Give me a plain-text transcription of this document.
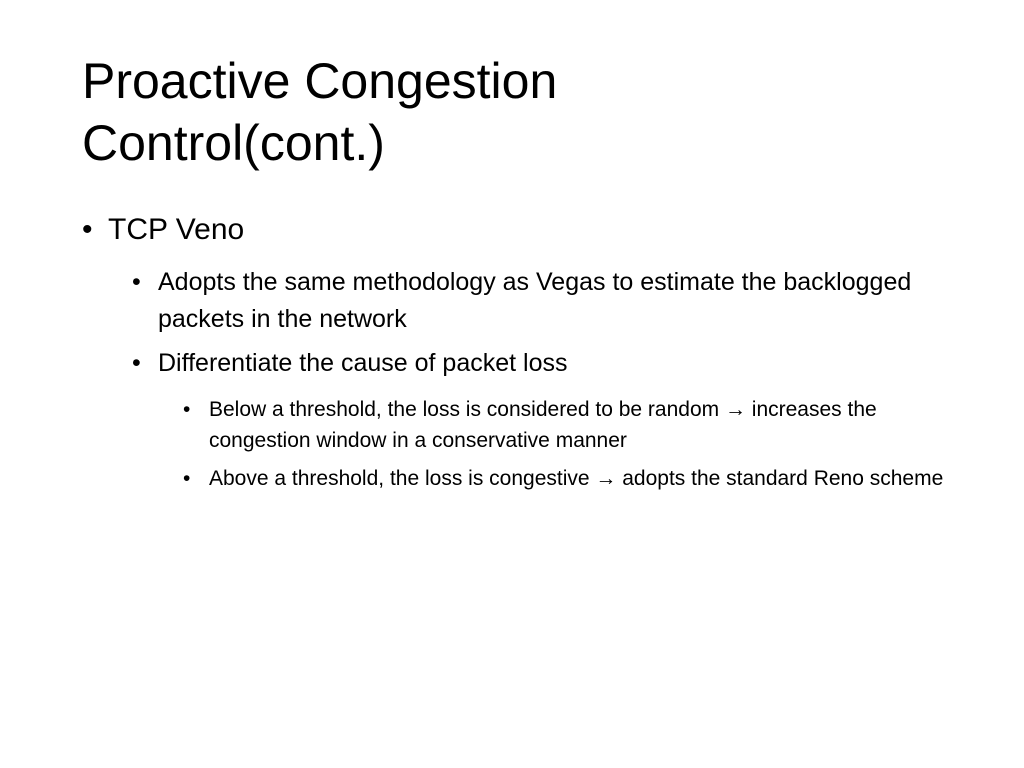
Proactive Congestion
Control(cont.)
• TCP Veno
• Adopts the same methodology as Vegas to estimate the backlogged packets in the network
• Differentiate the cause of packet loss
• Below a threshold, the loss is considered to be random → increases the congestion window in a conservative manner
• Above a threshold, the loss is congestive → adopts the standard Reno scheme
